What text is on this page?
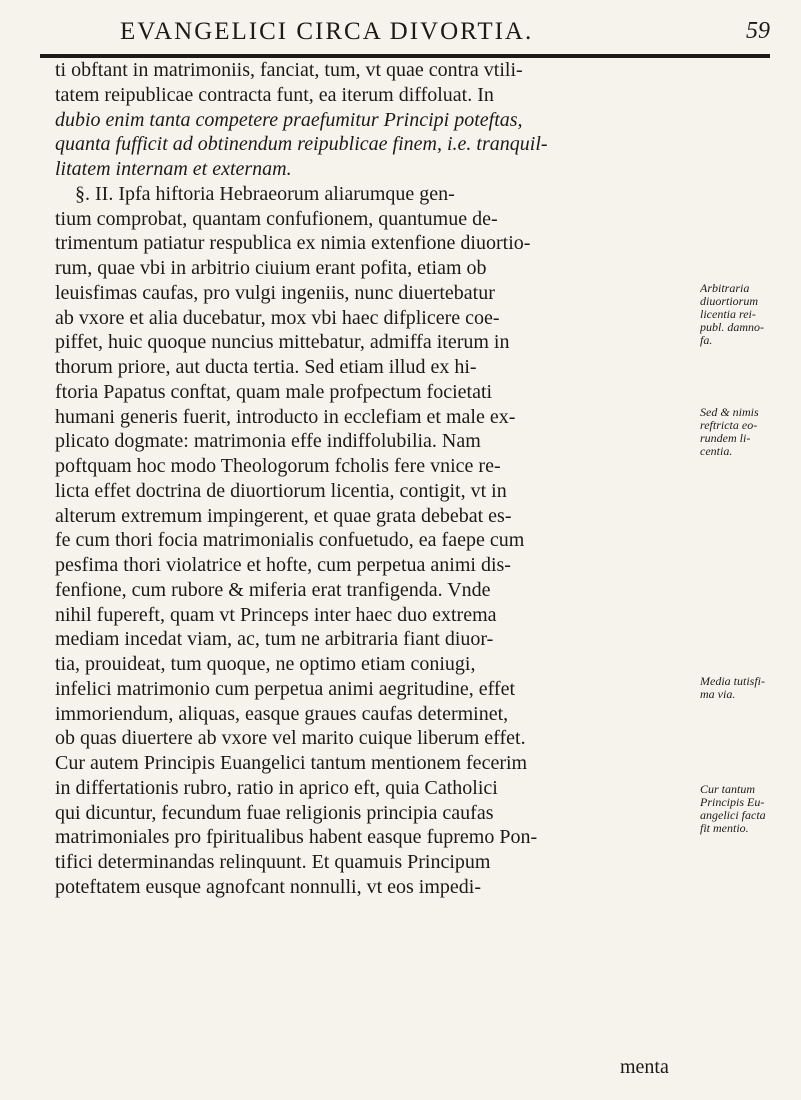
EVANGELICI CIRCA DIVORTIA.	59
ti obftant in matrimoniis, fanciat, tum, vt quae contra vtili-
tatem reipublicae contracta funt, ea iterum diffoluat. In
dubio enim tanta competere praefumitur Principi poteftas,
quanta fufficit ad obtinendum reipublicae finem, i.e. tranquil-
litatem internam et externam.
§. II. Ipfa hiftoria Hebraeorum aliarumque gen-
tium comprobat, quantam confufionem, quantumue de-
trimentum patiatur respublica ex nimia extenfione diuortio-
rum, quae vbi in arbitrio ciuium erant pofita, etiam ob
leuisfimas caufas, pro vulgi ingeniis, nunc diuertebatur
ab vxore et alia ducebatur, mox vbi haec difplicere coe-
piffet, huic quoque nuncius mittebatur, admiffa iterum in
thorum priore, aut ducta tertia. Sed etiam illud ex hi-
ftoria Papatus conftat, quam male profpectum focietati
humani generis fuerit, introducto in ecclefiam et male ex-
plicato dogmate: matrimonia effe indiffolubilia. Nam
poftquam hoc modo Theologorum fcholis fere vnice re-
licta effet doctrina de diuortiorum licentia, contigit, vt in
alterum extremum impingerent, et quae grata debebat es-
fe cum thori focia matrimonialis confuetudo, ea faepe cum
pesfima thori violatrice et hofte, cum perpetua animi dis-
fenfione, cum rubore & miferia erat tranfigenda. Vnde
nihil fupereft, quam vt Princeps inter haec duo extrema
mediam incedat viam, ac, tum ne arbitraria fiant diuor-
tia, prouideat, tum quoque, ne optimo etiam coniugi,
infelici matrimonio cum perpetua animi aegritudine, effet
immoriendum, aliquas, easque graues caufas determinet,
ob quas diuertere ab vxore vel marito cuique liberum effet.
Cur autem Principis Euangelici tantum mentionem fecerim
in differtationis rubro, ratio in aprico eft, quia Catholici
qui dicuntur, fecundum fuae religionis principia caufas
matrimoniales pro fpiritualibus habent easque fupremo Pon-
tifici determinandas relinquunt. Et quamuis Principum
poteftatem eusque agnofcant nonnulli, vt eos impedi-
menta
Arbitraria
diuortiorum
licentia rei-
publ. damno-
fa.
Sed & nimis
reftricta eo-
rundem li-
centia.
Media tutisfi-
ma via.
Cur tantum
Principis Eu-
angelici facta
fit mentio.
